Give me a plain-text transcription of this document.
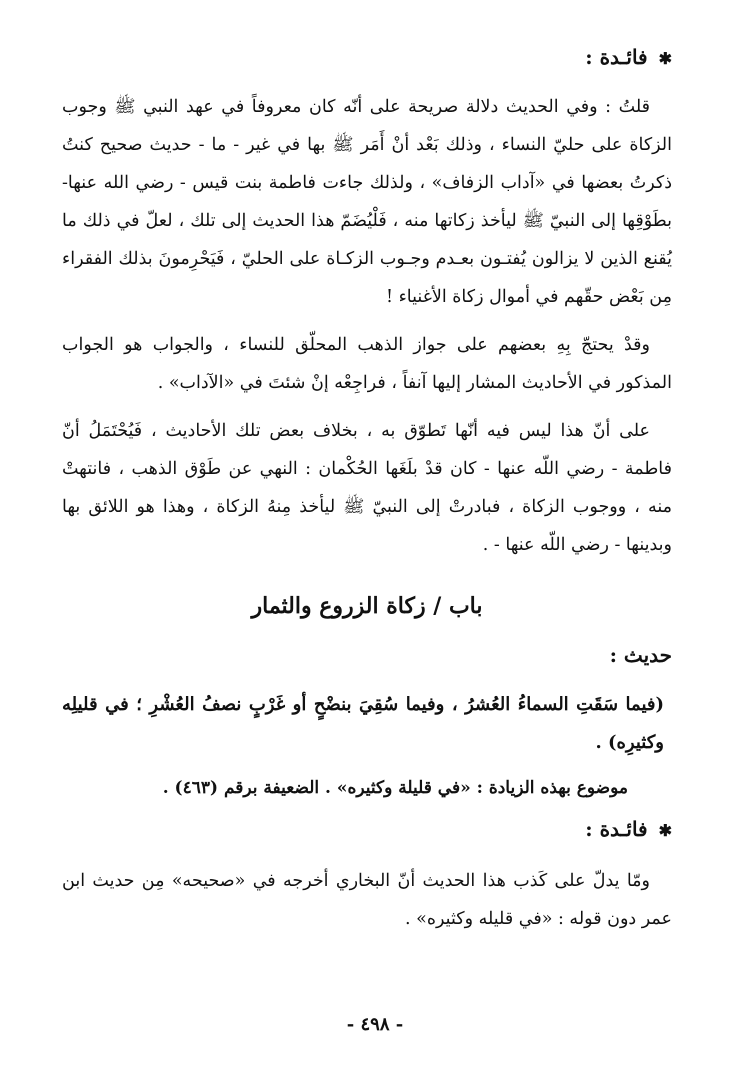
✱ فائـدة :

قلتُ : وفي الحديث دلالة صريحة على أنّه كان معروفاً في عهد النبي ﷺ وجوب الزكاة على حليّ النساء ، وذلك بَعْد أنْ أَمَر ﷺ بها في غير - ما - حديث صحيح كنتُ ذكرتُ بعضها في «آداب الزفاف» ، ولذلك جاءت فاطمة بنت قيس - رضي الله عنها- بطَوْقِها إلى النبيّ ﷺ ليأخذ زكاتها منه ، فَلْيُضَمّ هذا الحديث إلى تلك ، لعلّ في ذلك ما يُقنع الذين لا يزالون يُفتـون بعـدم وجـوب الزكـاة على الحليّ ، فَيَحْرِمونَ بذلك الفقراء مِن بَعْض حقّهم في أموال زكاة الأغنياء !

وقدْ يحتجّ بِهِ بعضهم على جواز الذهب المحلّق للنساء ، والجواب هو الجواب المذكور في الأحاديث المشار إليها آنفاً ، فراجِعْه إنْ شئتَ في «الآداب» .

على أنّ هذا ليس فيه أنّها تَطوّق به ، بخلاف بعض تلك الأحاديث ، فَيُحْتَمَلُ أنّ فاطمة - رضي اللّه عنها - كان قدْ بلَغَها الحُكْمان : النهي عن طَوْق الذهب ، فانتهتْ منه ، ووجوب الزكاة ، فبادرتْ إلى النبيّ ﷺ ليأخذ مِنهُ الزكاة ، وهذا هو اللائق بها وبدينها - رضي اللّه عنها - .

باب / زكاة الزروع والثمار

حديث :

(فيما سَقَتِ السماءُ العُشرُ ، وفيما سُقِيَ بنضْحٍ أو غَرْبٍ نصفُ العُشْرِ ؛ في قليلِه وكثيرِه) .

موضوع بهذه الزيادة : «في قليلة وكثيره» . الضعيفة برقم (٤٦٣) .

✱ فائـدة :

ومّا يدلّ على كَذب هذا الحديث أنّ البخاري أخرجه في «صحيحه» مِن حديث ابن عمر دون قوله : «في قليله وكثيره» .

- ٤٩٨ -
